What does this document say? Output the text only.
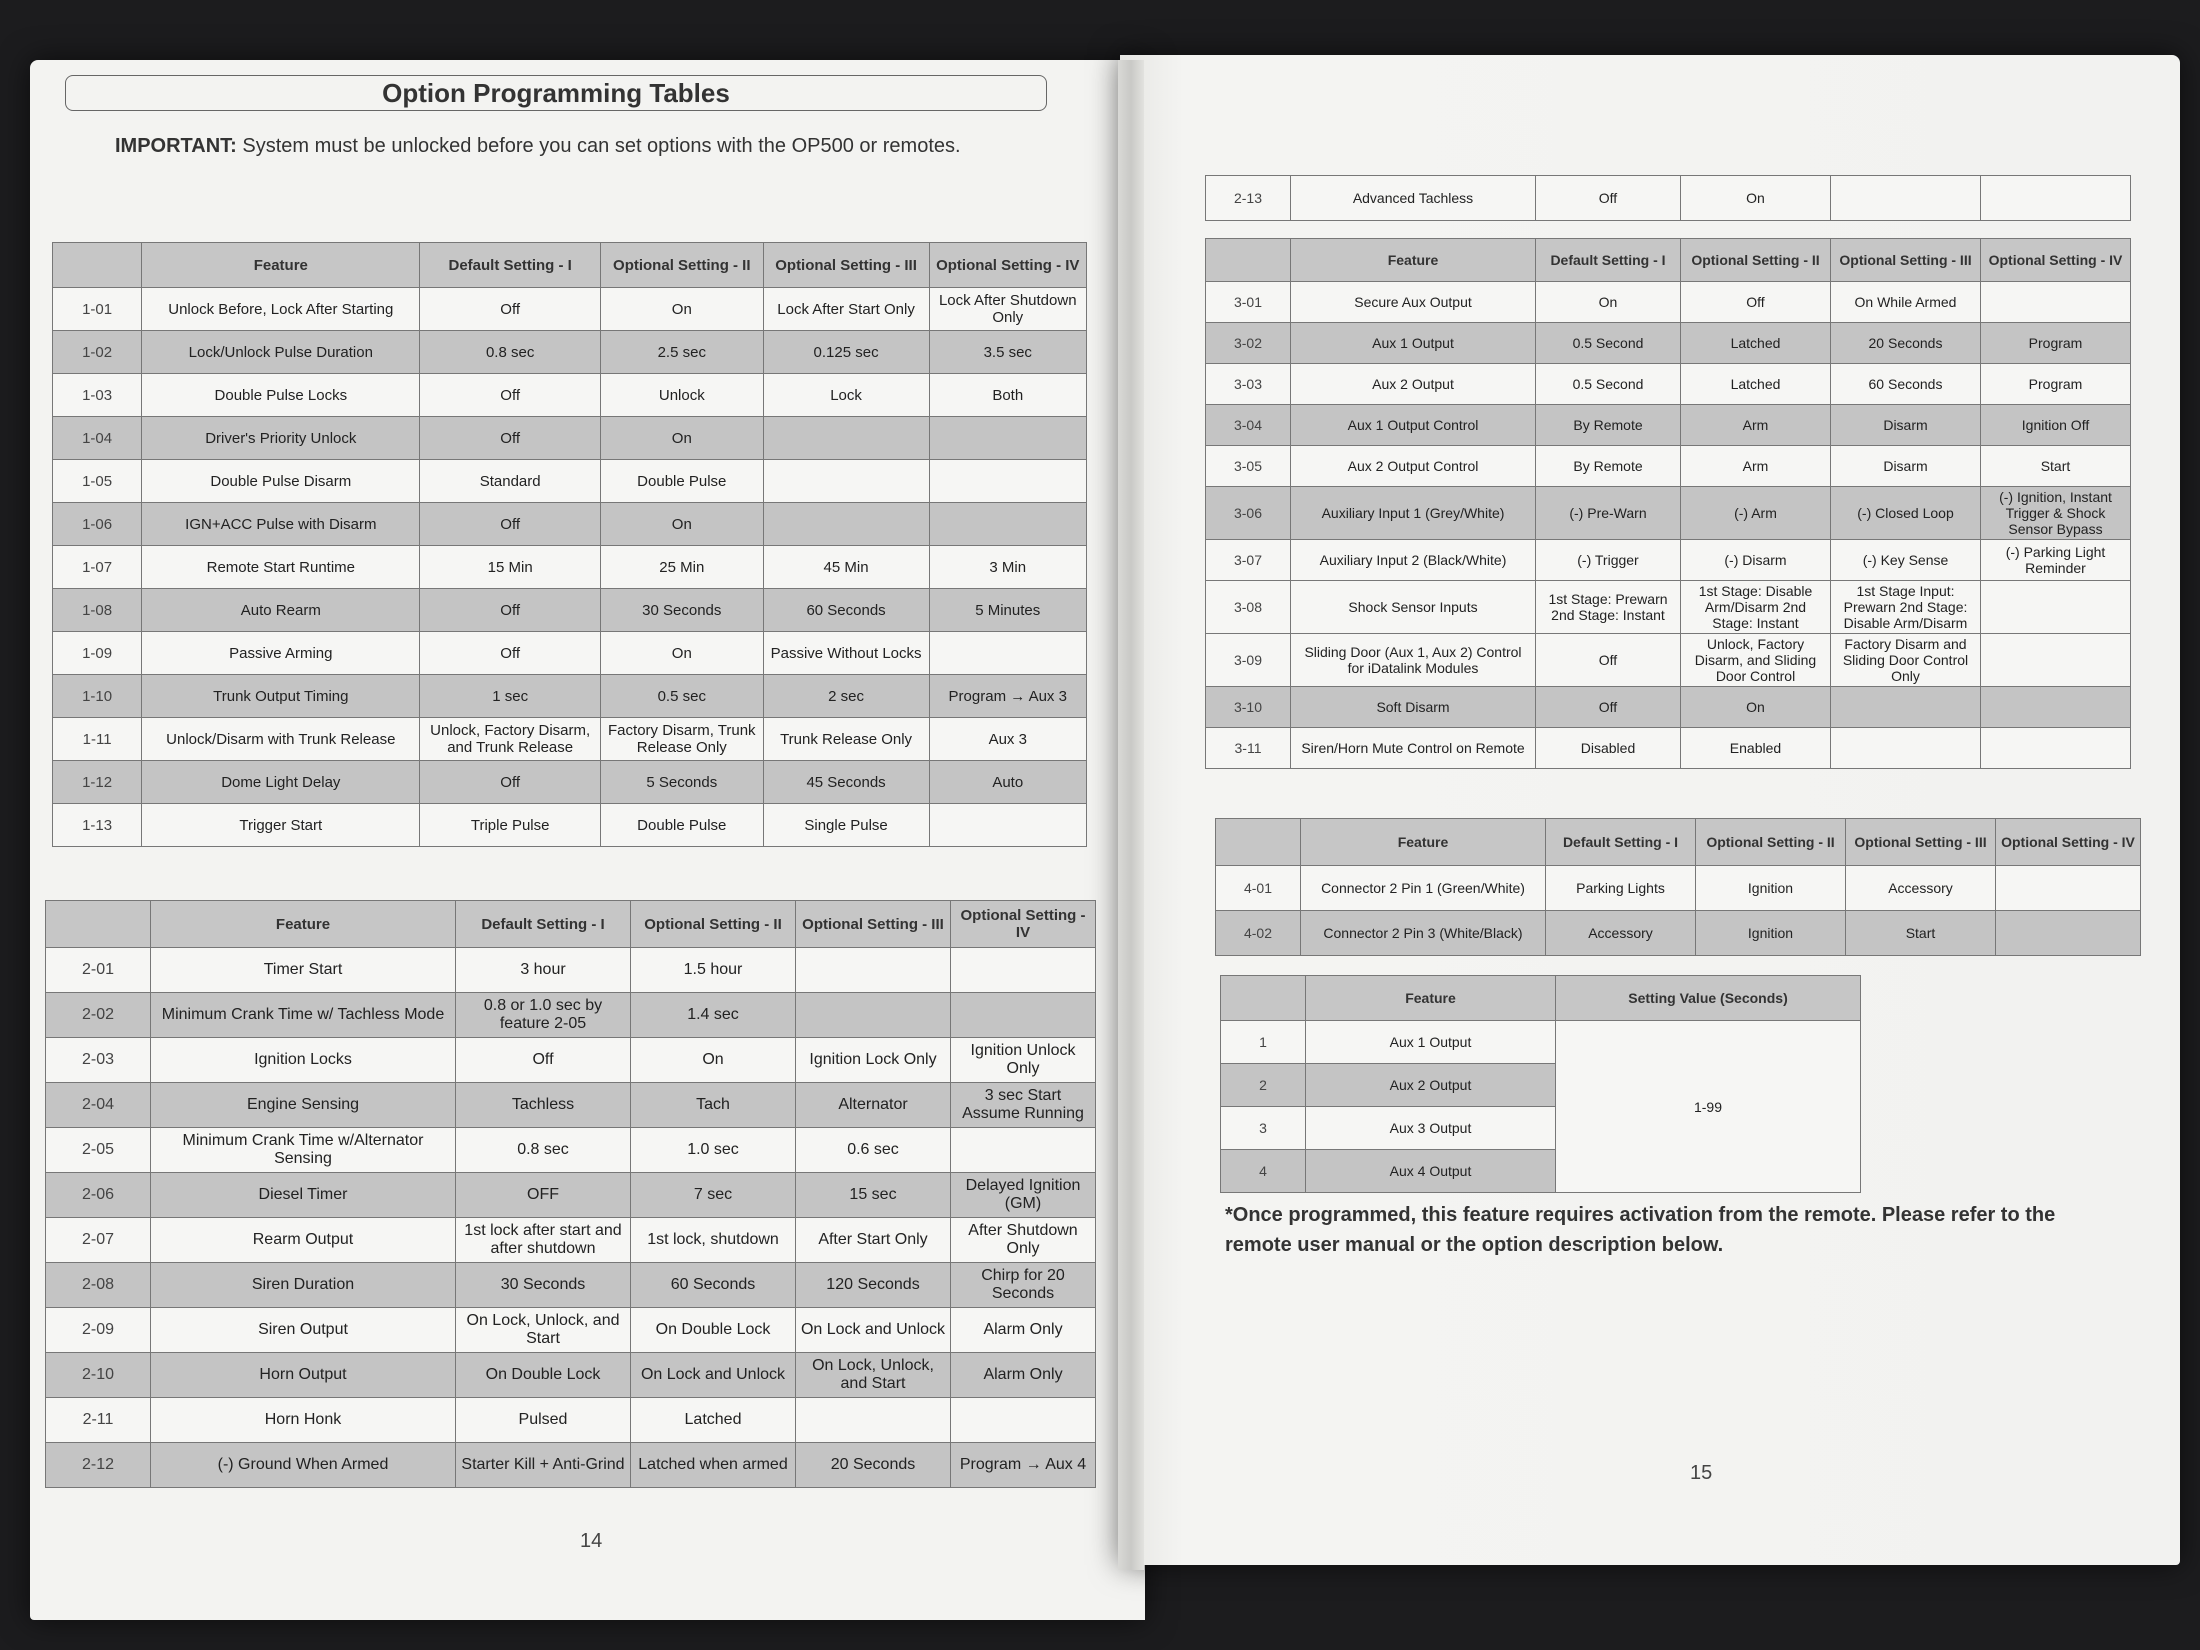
Option Programming Tables
IMPORTANT: System must be unlocked before you can set options with the OP500 or remotes.
	Feature	Default Setting - I	Optional Setting - II	Optional Setting - III	Optional Setting - IV
1-01	Unlock Before, Lock After Starting	Off	On	Lock After Start Only	Lock After Shutdown Only
1-02	Lock/Unlock Pulse Duration	0.8 sec	2.5 sec	0.125 sec	3.5 sec
1-03	Double Pulse Locks	Off	Unlock	Lock	Both
1-04	Driver's Priority Unlock	Off	On		
1-05	Double Pulse Disarm	Standard	Double Pulse		
1-06	IGN+ACC Pulse with Disarm	Off	On		
1-07	Remote Start Runtime	15 Min	25 Min	45 Min	3 Min
1-08	Auto Rearm	Off	30 Seconds	60 Seconds	5 Minutes
1-09	Passive Arming	Off	On	Passive Without Locks	
1-10	Trunk Output Timing	1 sec	0.5 sec	2 sec	Program → Aux 3
1-11	Unlock/Disarm with Trunk Release	Unlock, Factory Disarm, and Trunk Release	Factory Disarm, Trunk Release Only	Trunk Release Only	Aux 3
1-12	Dome Light Delay	Off	5 Seconds	45 Seconds	Auto
1-13	Trigger Start	Triple Pulse	Double Pulse	Single Pulse	
	Feature	Default Setting - I	Optional Setting - II	Optional Setting - III	Optional Setting - IV
2-01	Timer Start	3 hour	1.5 hour		
2-02	Minimum Crank Time w/ Tachless Mode	0.8 or 1.0 sec by feature 2-05	1.4 sec		
2-03	Ignition Locks	Off	On	Ignition Lock Only	Ignition Unlock Only
2-04	Engine Sensing	Tachless	Tach	Alternator	3 sec Start Assume Running
2-05	Minimum Crank Time w/Alternator Sensing	0.8 sec	1.0 sec	0.6 sec	
2-06	Diesel Timer	OFF	7 sec	15 sec	Delayed Ignition (GM)
2-07	Rearm Output	1st lock after start and after shutdown	1st lock, shutdown	After Start Only	After Shutdown Only
2-08	Siren Duration	30 Seconds	60 Seconds	120 Seconds	Chirp for 20 Seconds
2-09	Siren Output	On Lock, Unlock, and Start	On Double Lock	On Lock and Unlock	Alarm Only
2-10	Horn Output	On Double Lock	On Lock and Unlock	On Lock, Unlock, and Start	Alarm Only
2-11	Horn Honk	Pulsed	Latched		
2-12	(-) Ground When Armed	Starter Kill + Anti-Grind	Latched when armed	20 Seconds	Program → Aux 4
14
2-13	Advanced Tachless	Off	On		
	Feature	Default Setting - I	Optional Setting - II	Optional Setting - III	Optional Setting - IV
3-01	Secure Aux Output	On	Off	On While Armed	
3-02	Aux 1 Output	0.5 Second	Latched	20 Seconds	Program
3-03	Aux 2 Output	0.5 Second	Latched	60 Seconds	Program
3-04	Aux 1 Output Control	By Remote	Arm	Disarm	Ignition Off
3-05	Aux 2 Output Control	By Remote	Arm	Disarm	Start
3-06	Auxiliary Input 1 (Grey/White)	(-) Pre-Warn	(-) Arm	(-) Closed Loop	(-) Ignition, Instant Trigger & Shock Sensor Bypass
3-07	Auxiliary Input 2 (Black/White)	(-) Trigger	(-) Disarm	(-) Key Sense	(-) Parking Light Reminder
3-08	Shock Sensor Inputs	1st Stage: Prewarn 2nd Stage: Instant	1st Stage: Disable Arm/Disarm 2nd Stage: Instant	1st Stage Input: Prewarn 2nd Stage: Disable Arm/Disarm	
3-09	Sliding Door (Aux 1, Aux 2) Control for iDatalink Modules	Off	Unlock, Factory Disarm, and Sliding Door Control	Factory Disarm and Sliding Door Control Only	
3-10	Soft Disarm	Off	On		
3-11	Siren/Horn Mute Control on Remote	Disabled	Enabled		
	Feature	Default Setting - I	Optional Setting - II	Optional Setting - III	Optional Setting - IV
4-01	Connector 2 Pin 1 (Green/White)	Parking Lights	Ignition	Accessory	
4-02	Connector 2 Pin 3 (White/Black)	Accessory	Ignition	Start	
	Feature	Setting Value (Seconds)
1	Aux 1 Output	1-99
2	Aux 2 Output	
3	Aux 3 Output	
4	Aux 4 Output	
*Once programmed, this feature requires activation from the remote. Please refer to the remote user manual or the option description below.
15
